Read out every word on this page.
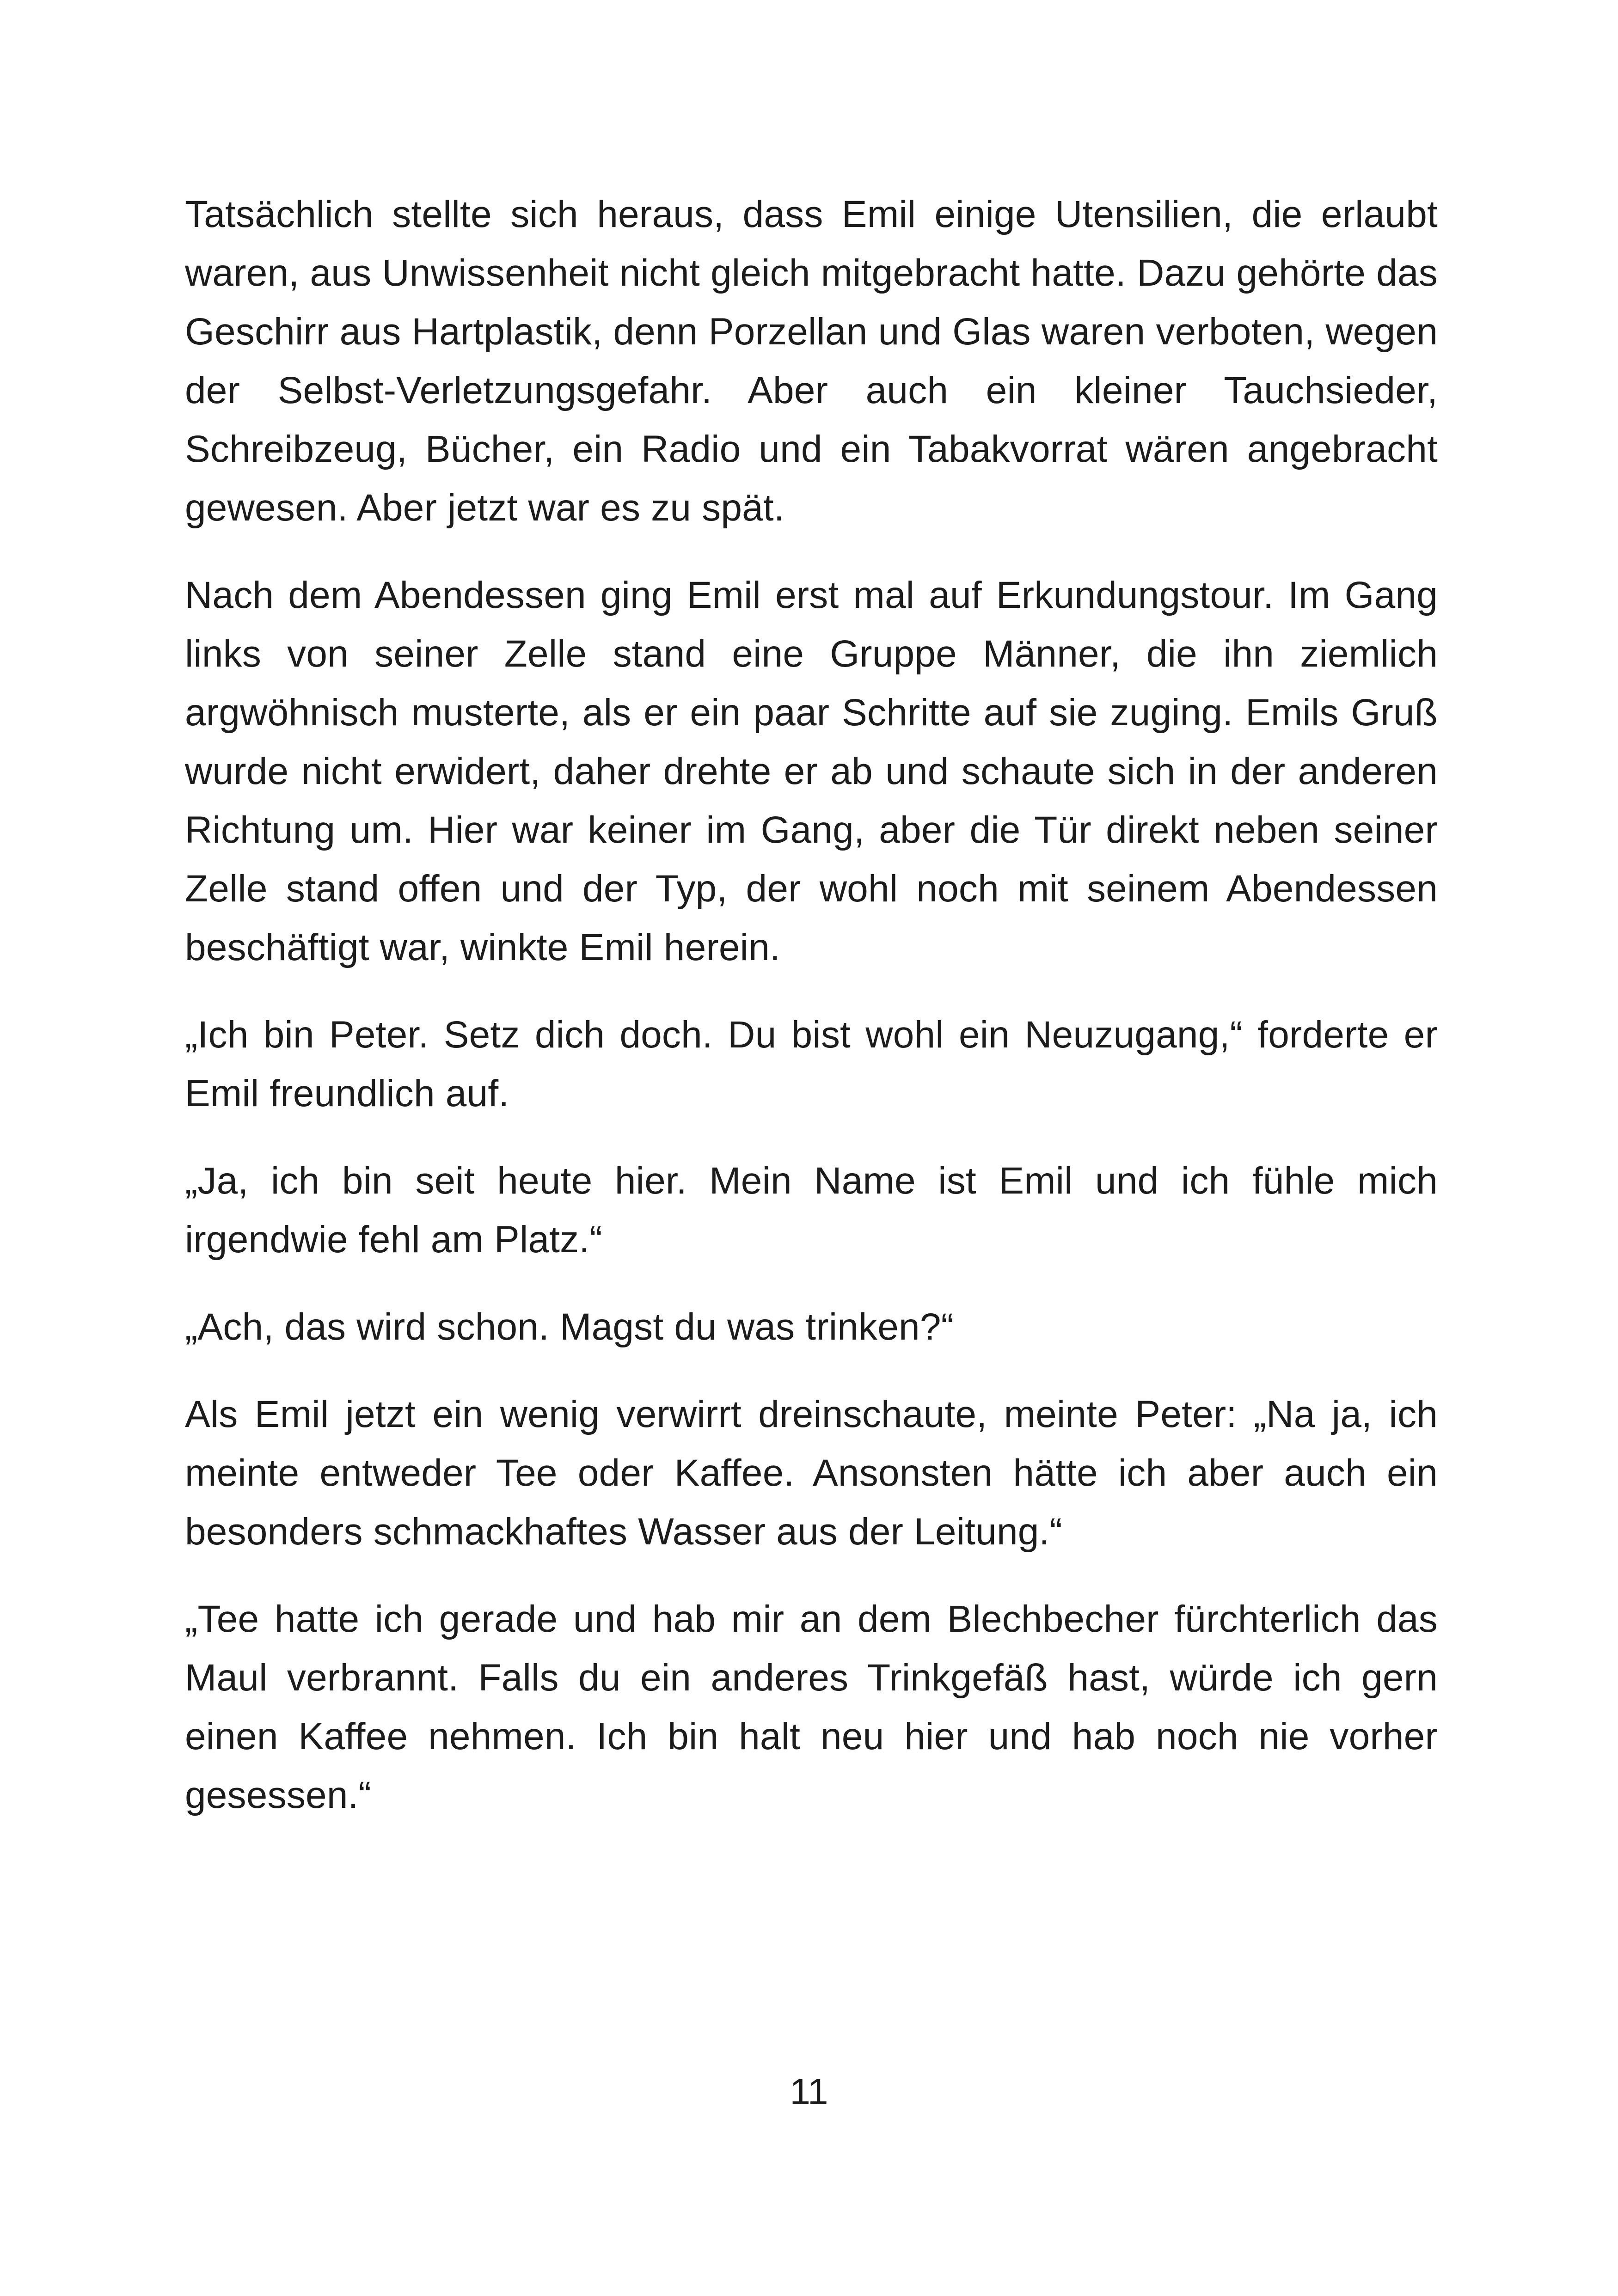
Tatsächlich stellte sich heraus, dass Emil einige Utensilien, die erlaubt waren, aus Unwissenheit nicht gleich mitgebracht hatte. Dazu gehörte das Geschirr aus Hartplastik, denn Porzellan und Glas waren verboten, wegen der Selbst-Verletzungsgefahr. Aber auch ein kleiner Tauchsieder, Schreibzeug, Bücher, ein Radio und ein Tabakvorrat wären angebracht gewesen. Aber jetzt war es zu spät.

Nach dem Abendessen ging Emil erst mal auf Erkundungstour. Im Gang links von seiner Zelle stand eine Gruppe Männer, die ihn ziemlich argwöhnisch musterte, als er ein paar Schritte auf sie zuging. Emils Gruß wurde nicht erwidert, daher drehte er ab und schaute sich in der anderen Richtung um. Hier war keiner im Gang, aber die Tür direkt neben seiner Zelle stand offen und der Typ, der wohl noch mit seinem Abendessen beschäftigt war, winkte Emil herein.

„Ich bin Peter. Setz dich doch. Du bist wohl ein Neuzugang,“ forderte er Emil freundlich auf.

„Ja, ich bin seit heute hier. Mein Name ist Emil und ich fühle mich irgendwie fehl am Platz.“

„Ach, das wird schon. Magst du was trinken?“

Als Emil jetzt ein wenig verwirrt dreinschaute, meinte Peter: „Na ja, ich meinte entweder Tee oder Kaffee. Ansonsten hätte ich aber auch ein besonders schmackhaftes Wasser aus der Leitung.“

„Tee hatte ich gerade und hab mir an dem Blechbecher fürchterlich das Maul verbrannt. Falls du ein anderes Trinkgefäß hast, würde ich gern einen Kaffee nehmen. Ich bin halt neu hier und hab noch nie vorher gesessen.“

11
